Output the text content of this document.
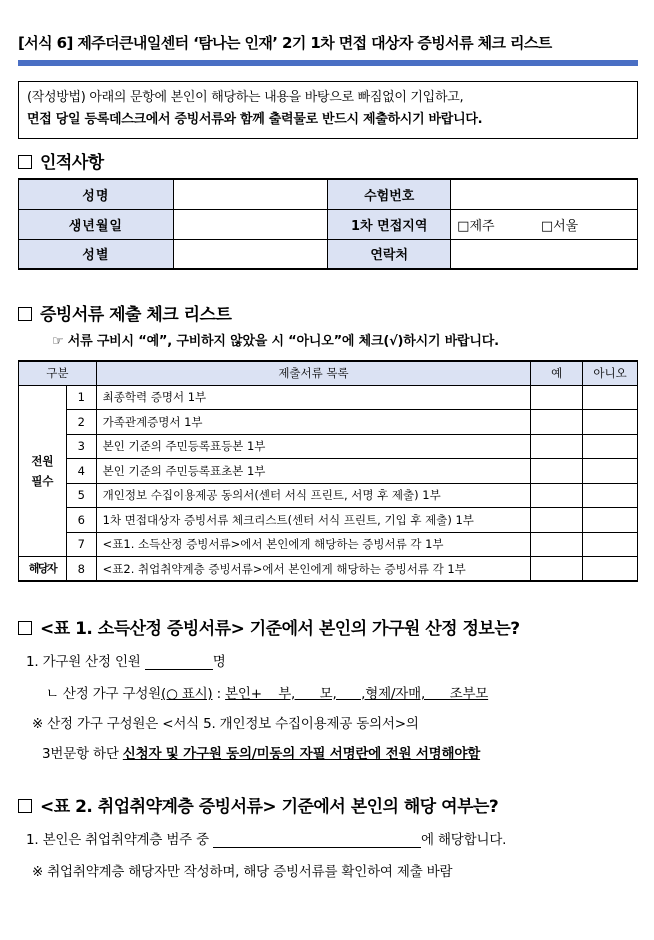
[서식 6] 제주더큰내일센터 ‘탐나는 인재’ 2기 1차 면접 대상자 증빙서류 체크 리스트
(작성방법) 아래의 문항에 본인이 해당하는 내용을 바탕으로 빠짐없이 기입하고,
면접 당일 등록데스크에서 증빙서류와 함께 출력물로 반드시 제출하시기 바랍니다.
인적사항
성명		수험번호	
생년월일		1차 면접지역	□제주 □서울
성별		연락처	
증빙서류 제출 체크 리스트
☞ 서류 구비시 “예”, 구비하지 않았을 시 “아니오”에 체크(√)하시기 바랍니다.
구분		제출서류 목록	예	아니오
전원
필수	1	최종학력 증명서 1부		
	2	가족관계증명서 1부		
	3	본인 기준의 주민등록표등본 1부		
	4	본인 기준의 주민등록표초본 1부		
	5	개인정보 수집이용제공 동의서(센터 서식 프린트, 서명 후 제출) 1부		
	6	1차 면접대상자 증빙서류 체크리스트(센터 서식 프린트, 기입 후 제출) 1부		
	7	<표1. 소득산정 증빙서류>에서 본인에게 해당하는 증빙서류 각 1부		
해당자	8	<표2. 취업취약계층 증빙서류>에서 본인에게 해당하는 증빙서류 각 1부		
<표 1. 소득산정 증빙서류> 기준에서 본인의 가구원 산정 정보는?
1. 가구원 산정 인원	명
ㄴ 산정 가구 구성원(○ 표시) : 본인+    부,      모,      ,형제/자매,      조부모
※ 산정 가구 구성원은 <서식 5. 개인정보 수집이용제공 동의서>의
3번문항 하단 신청자 및 가구원 동의/미동의 자필 서명란에 전원 서명해야함
<표 2. 취업취약계층 증빙서류> 기준에서 본인의 해당 여부는?
1. 본인은 취업취약계층 범주 중	에 해당합니다.
※ 취업취약계층 해당자만 작성하며, 해당 증빙서류를 확인하여 제출 바람
